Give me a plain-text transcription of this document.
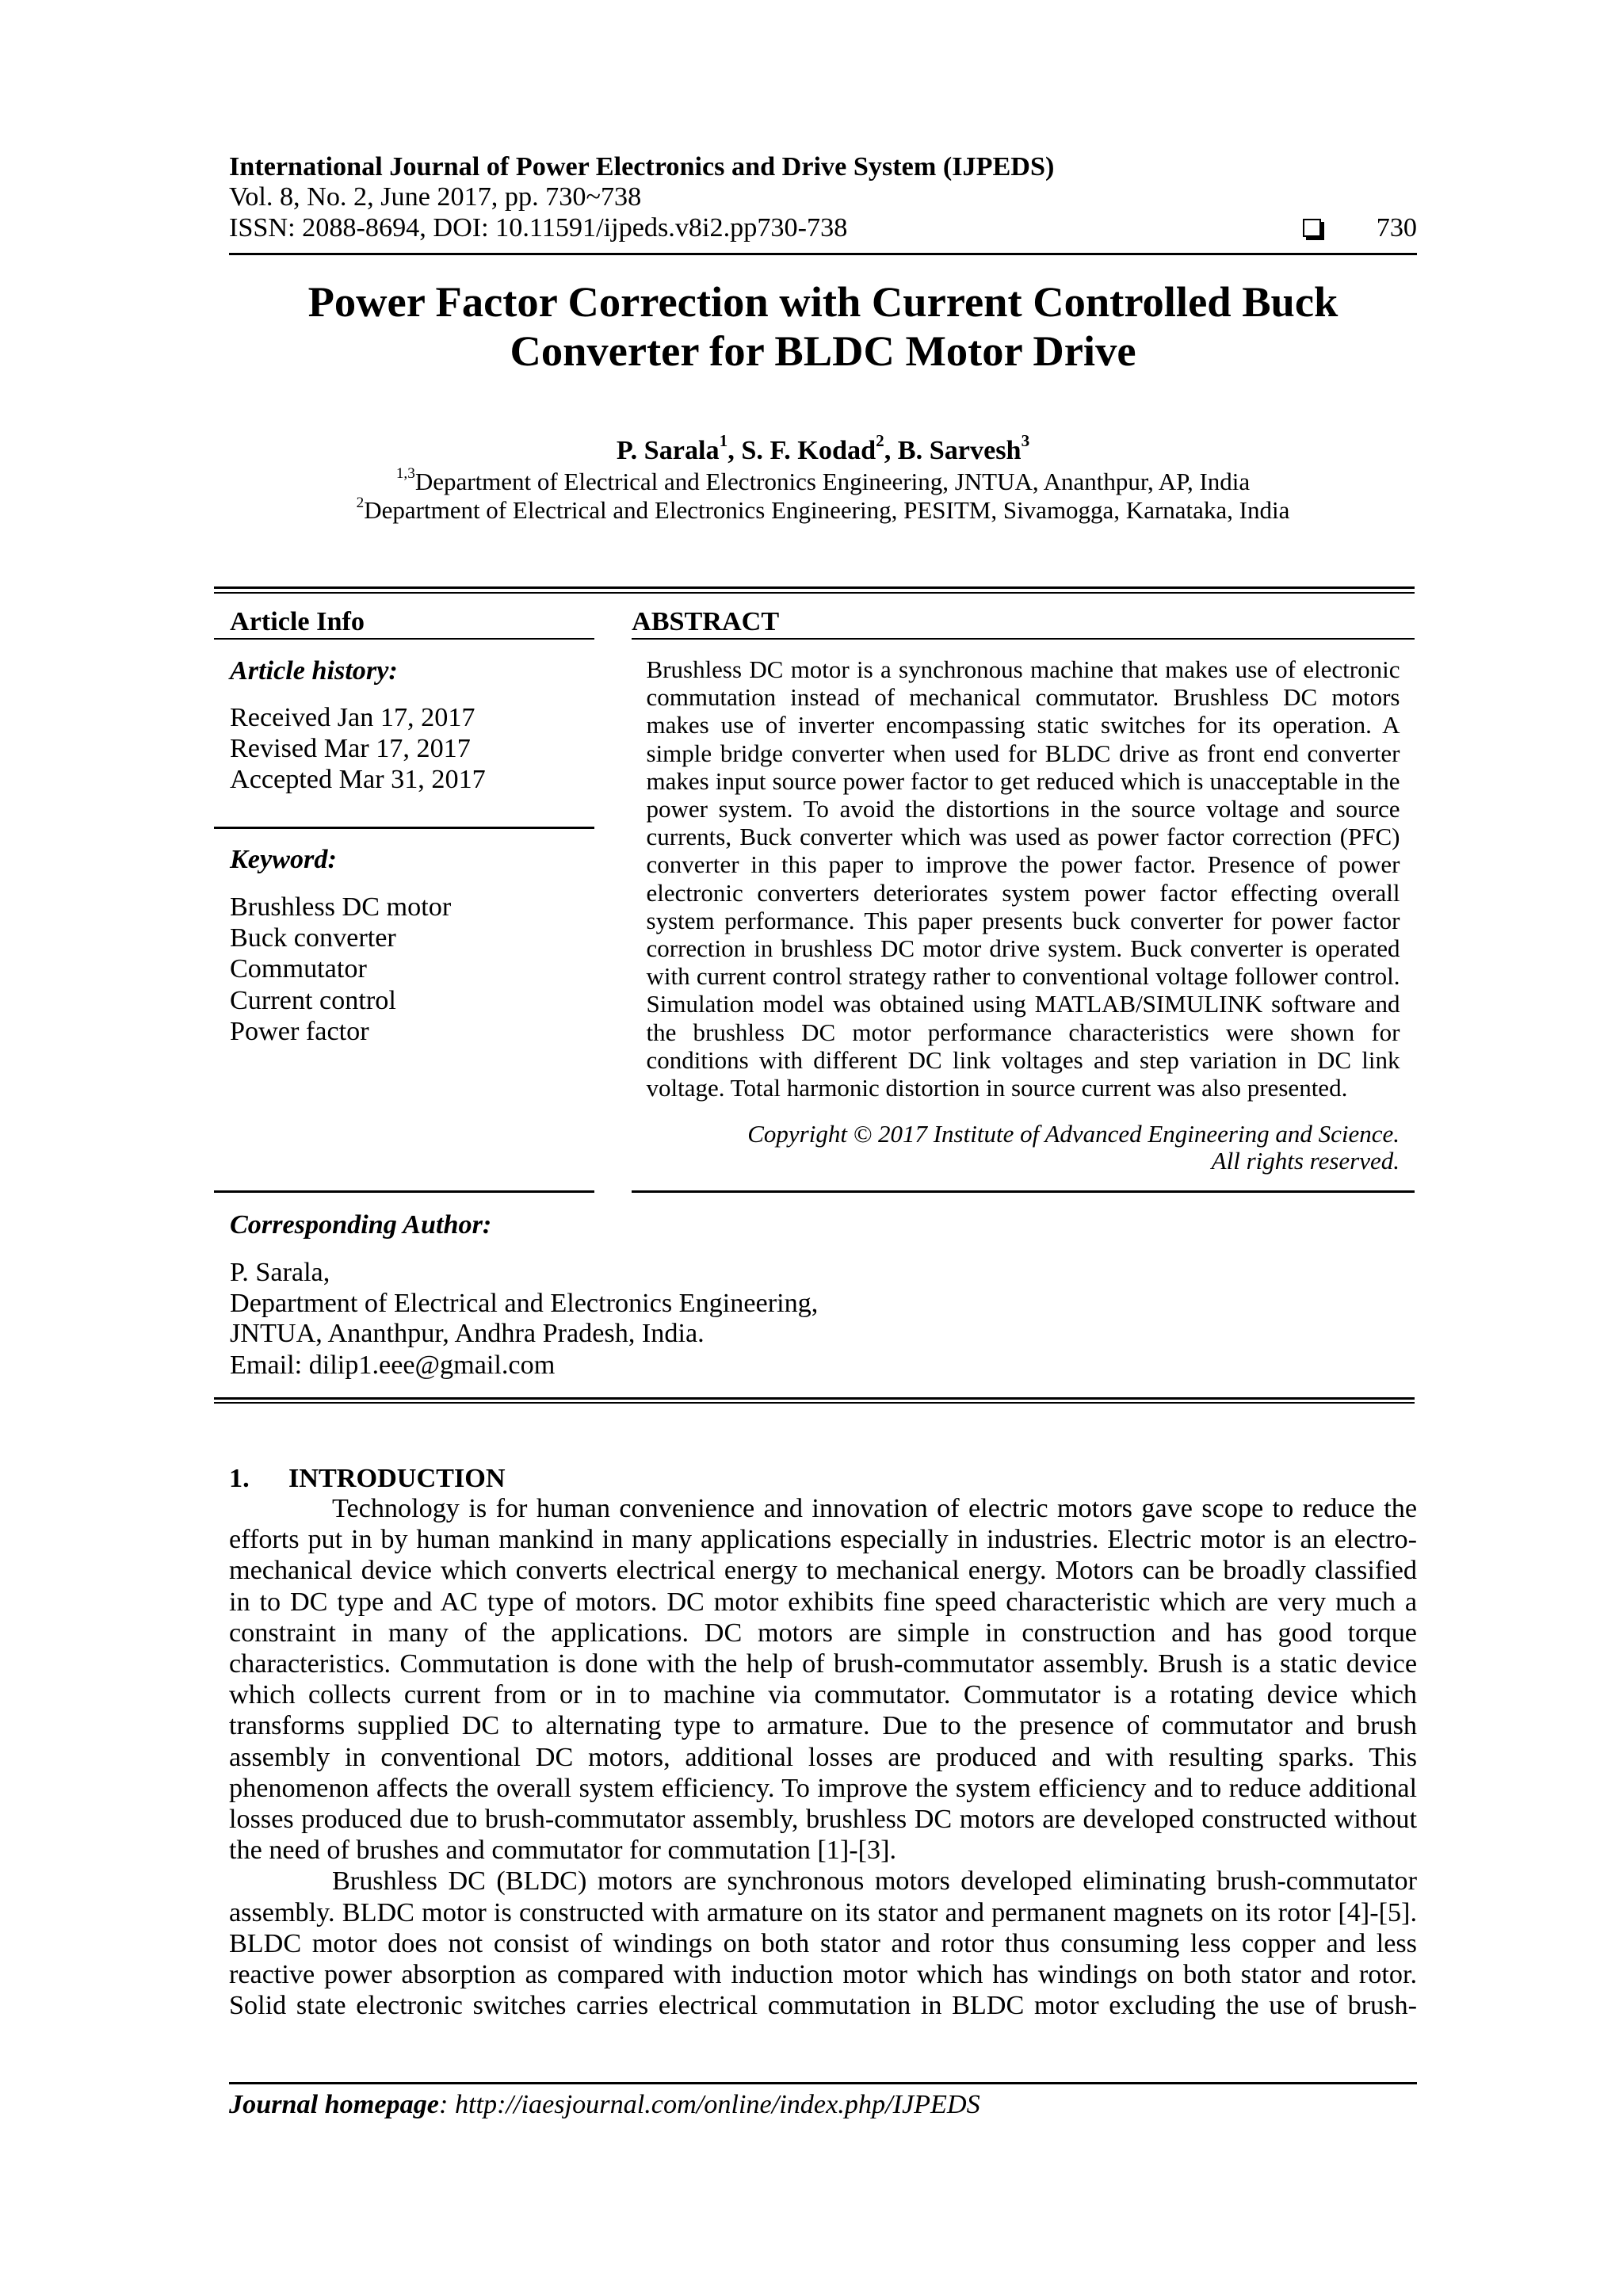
International Journal of Power Electronics and Drive System (IJPEDS)
Vol. 8, No. 2, June 2017, pp. 730~738
ISSN: 2088-8694, DOI: 10.11591/ijpeds.v8i2.pp730-738	730
Power Factor Correction with Current Controlled Buck
Converter for BLDC Motor Drive
P. Sarala$^1$, S. F. Kodad$^2$, B. Sarvesh$^3$
$^{1,3}$Department of Electrical and Electronics Engineering, JNTUA, Ananthpur, AP, India
$^2$Department of Electrical and Electronics Engineering, PESITM, Sivamogga, Karnataka, India
Article Info
Article history:
Received Jan 17, 2017
Revised Mar 17, 2017
Accepted Mar 31, 2017
Keyword:
Brushless DC motor
Buck converter
Commutator
Current control
Power factor
ABSTRACT
Brushless DC motor is a synchronous machine that makes use of electronic
commutation instead of mechanical commutator. Brushless DC motors
makes use of inverter encompassing static switches for its operation. A
simple bridge converter when used for BLDC drive as front end converter
makes input source power factor to get reduced which is unacceptable in the
power system. To avoid the distortions in the source voltage and source
currents, Buck converter which was used as power factor correction (PFC)
converter in this paper to improve the power factor. Presence of power
electronic converters deteriorates system power factor effecting overall
system performance. This paper presents buck converter for power factor
correction in brushless DC motor drive system. Buck converter is operated
with current control strategy rather to conventional voltage follower control.
Simulation model was obtained using MATLAB/SIMULINK software and
the brushless DC motor performance characteristics were shown for
conditions with different DC link voltages and step variation in DC link
voltage. Total harmonic distortion in source current was also presented.
Copyright © 2017 Institute of Advanced Engineering and Science.
All rights reserved.
Corresponding Author:
P. Sarala,
Department of Electrical and Electronics Engineering,
JNTUA, Ananthpur, Andhra Pradesh, India.
Email: dilip1.eee@gmail.com
1. INTRODUCTION
Technology is for human convenience and innovation of electric motors gave scope to reduce the
efforts put in by human mankind in many applications especially in industries. Electric motor is an electro-
mechanical device which converts electrical energy to mechanical energy. Motors can be broadly classified
in to DC type and AC type of motors. DC motor exhibits fine speed characteristic which are very much a
constraint in many of the applications. DC motors are simple in construction and has good torque
characteristics. Commutation is done with the help of brush-commutator assembly. Brush is a static device
which collects current from or in to machine via commutator. Commutator is a rotating device which
transforms supplied DC to alternating type to armature. Due to the presence of commutator and brush
assembly in conventional DC motors, additional losses are produced and with resulting sparks. This
phenomenon affects the overall system efficiency. To improve the system efficiency and to reduce additional
losses produced due to brush-commutator assembly, brushless DC motors are developed constructed without
the need of brushes and commutator for commutation [1]-[3].
Brushless DC (BLDC) motors are synchronous motors developed eliminating brush-commutator
assembly. BLDC motor is constructed with armature on its stator and permanent magnets on its rotor [4]-[5].
BLDC motor does not consist of windings on both stator and rotor thus consuming less copper and less
reactive power absorption as compared with induction motor which has windings on both stator and rotor.
Solid state electronic switches carries electrical commutation in BLDC motor excluding the use of brush-
Journal homepage: http://iaesjournal.com/online/index.php/IJPEDS
